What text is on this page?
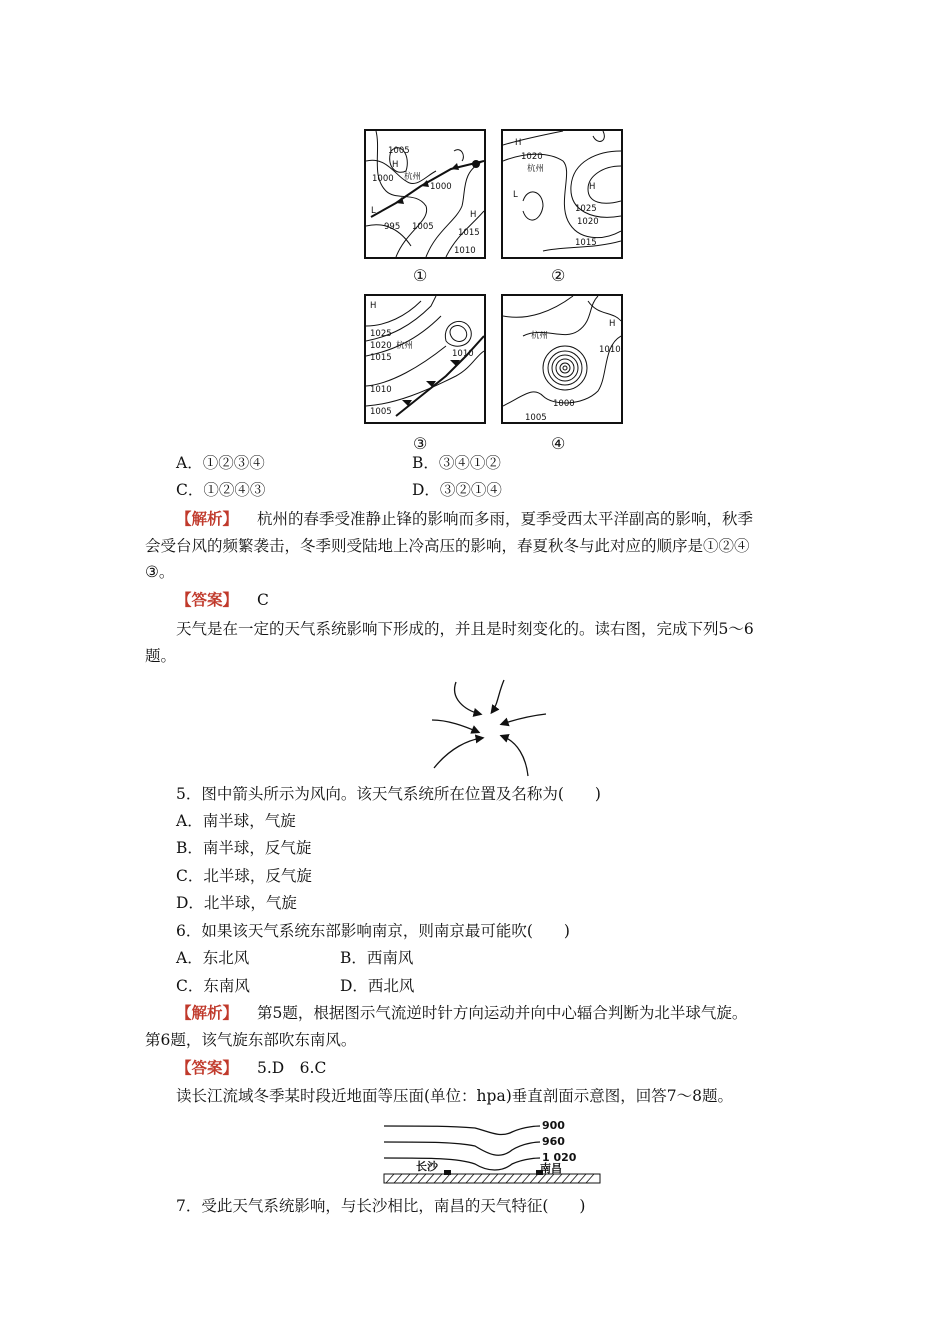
1005
H
1000 杭州
1000
L
995 1005
H
1015
1010
①
H
1020
杭州
L
H
1025
1020
1015
②
H
1025
1020 杭州
1015	1010
1010
1005
③
杭州
H
1010
1000
1005
④
A．①②③④	B．③④①②
C．①②④③	D．③②①④
【解析】 杭州的春季受准静止锋的影响而多雨，夏季受西太平洋副高的影响，秋季
会受台风的频繁袭击，冬季则受陆地上冷高压的影响，春夏秋冬与此对应的顺序是①②④
③。
【答案】 C
天气是在一定的天气系统影响下形成的，并且是时刻变化的。读右图，完成下列5～6
题。
5．图中箭头所示为风向。该天气系统所在位置及名称为(　　)
A．南半球，气旋
B．南半球，反气旋
C．北半球，反气旋
D．北半球，气旋
6．如果该天气系统东部影响南京，则南京最可能吹(　　)
A．东北风	B．西南风
C．东南风	D．西北风
【解析】 第5题，根据图示气流逆时针方向运动并向中心辐合判断为北半球气旋。
第6题，该气旋东部吹东南风。
【答案】 5.D　6.C
读长江流域冬季某时段近地面等压面(单位：hpa)垂直剖面示意图，回答7～8题。
900
960
1 020
长沙	南昌
7．受此天气系统影响，与长沙相比，南昌的天气特征(　　)
